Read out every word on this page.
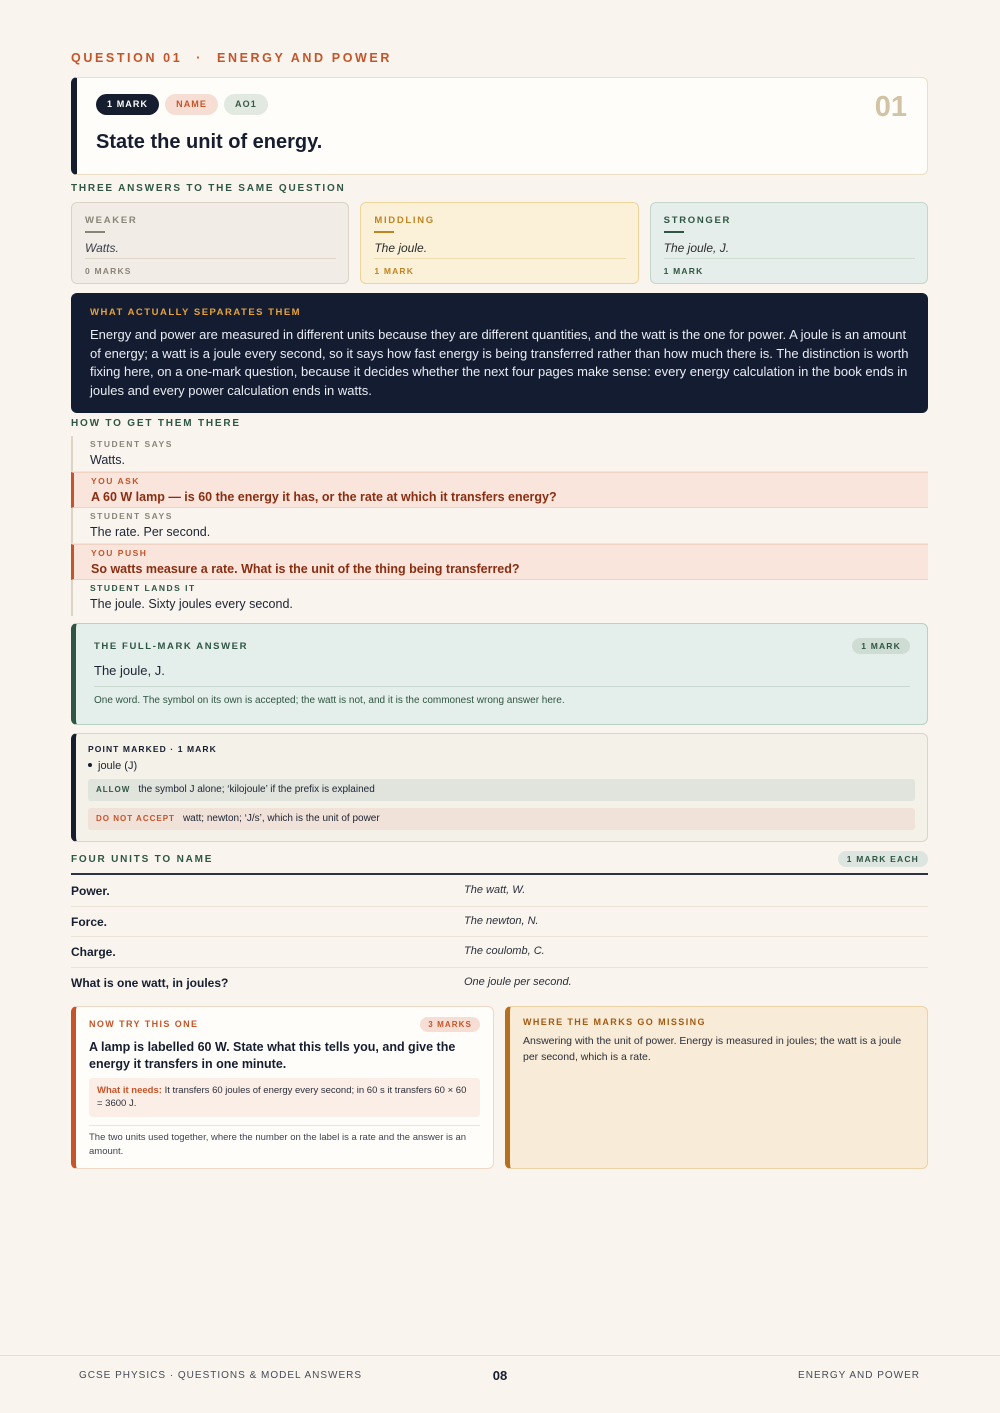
QUESTION 01 · ENERGY AND POWER
1 MARK	NAME	AO1
State the unit of energy.
01
THREE ANSWERS TO THE SAME QUESTION
WEAKER
Watts.
0 MARKS
MIDDLING
The joule.
1 MARK
STRONGER
The joule, J.
1 MARK
WHAT ACTUALLY SEPARATES THEM
Energy and power are measured in different units because they are different quantities, and the watt is the one for power. A joule is an amount of energy; a watt is a joule every second, so it says how fast energy is being transferred rather than how much there is. The distinction is worth fixing here, on a one-mark question, because it decides whether the next four pages make sense: every energy calculation in the book ends in joules and every power calculation ends in watts.
HOW TO GET THEM THERE
STUDENT SAYS
Watts.
YOU ASK
A 60 W lamp — is 60 the energy it has, or the rate at which it transfers energy?
STUDENT SAYS
The rate. Per second.
YOU PUSH
So watts measure a rate. What is the unit of the thing being transferred?
STUDENT LANDS IT
The joule. Sixty joules every second.
THE FULL-MARK ANSWER	1 MARK
The joule, J.
One word. The symbol on its own is accepted; the watt is not, and it is the commonest wrong answer here.
POINT MARKED · 1 MARK
joule (J)
ALLOW the symbol J alone; ‘kilojoule’ if the prefix is explained
DO NOT ACCEPT watt; newton; ‘J/s’, which is the unit of power
FOUR UNITS TO NAME	1 MARK EACH
Power.	The watt, W.
Force.	The newton, N.
Charge.	The coulomb, C.
What is one watt, in joules?	One joule per second.
NOW TRY THIS ONE	3 MARKS
A lamp is labelled 60 W. State what this tells you, and give the energy it transfers in one minute.
What it needs: It transfers 60 joules of energy every second; in 60 s it transfers 60 × 60 = 3600 J.
The two units used together, where the number on the label is a rate and the answer is an amount.
WHERE THE MARKS GO MISSING
Answering with the unit of power. Energy is measured in joules; the watt is a joule per second, which is a rate.
GCSE PHYSICS · QUESTIONS & MODEL ANSWERS	08	ENERGY AND POWER
